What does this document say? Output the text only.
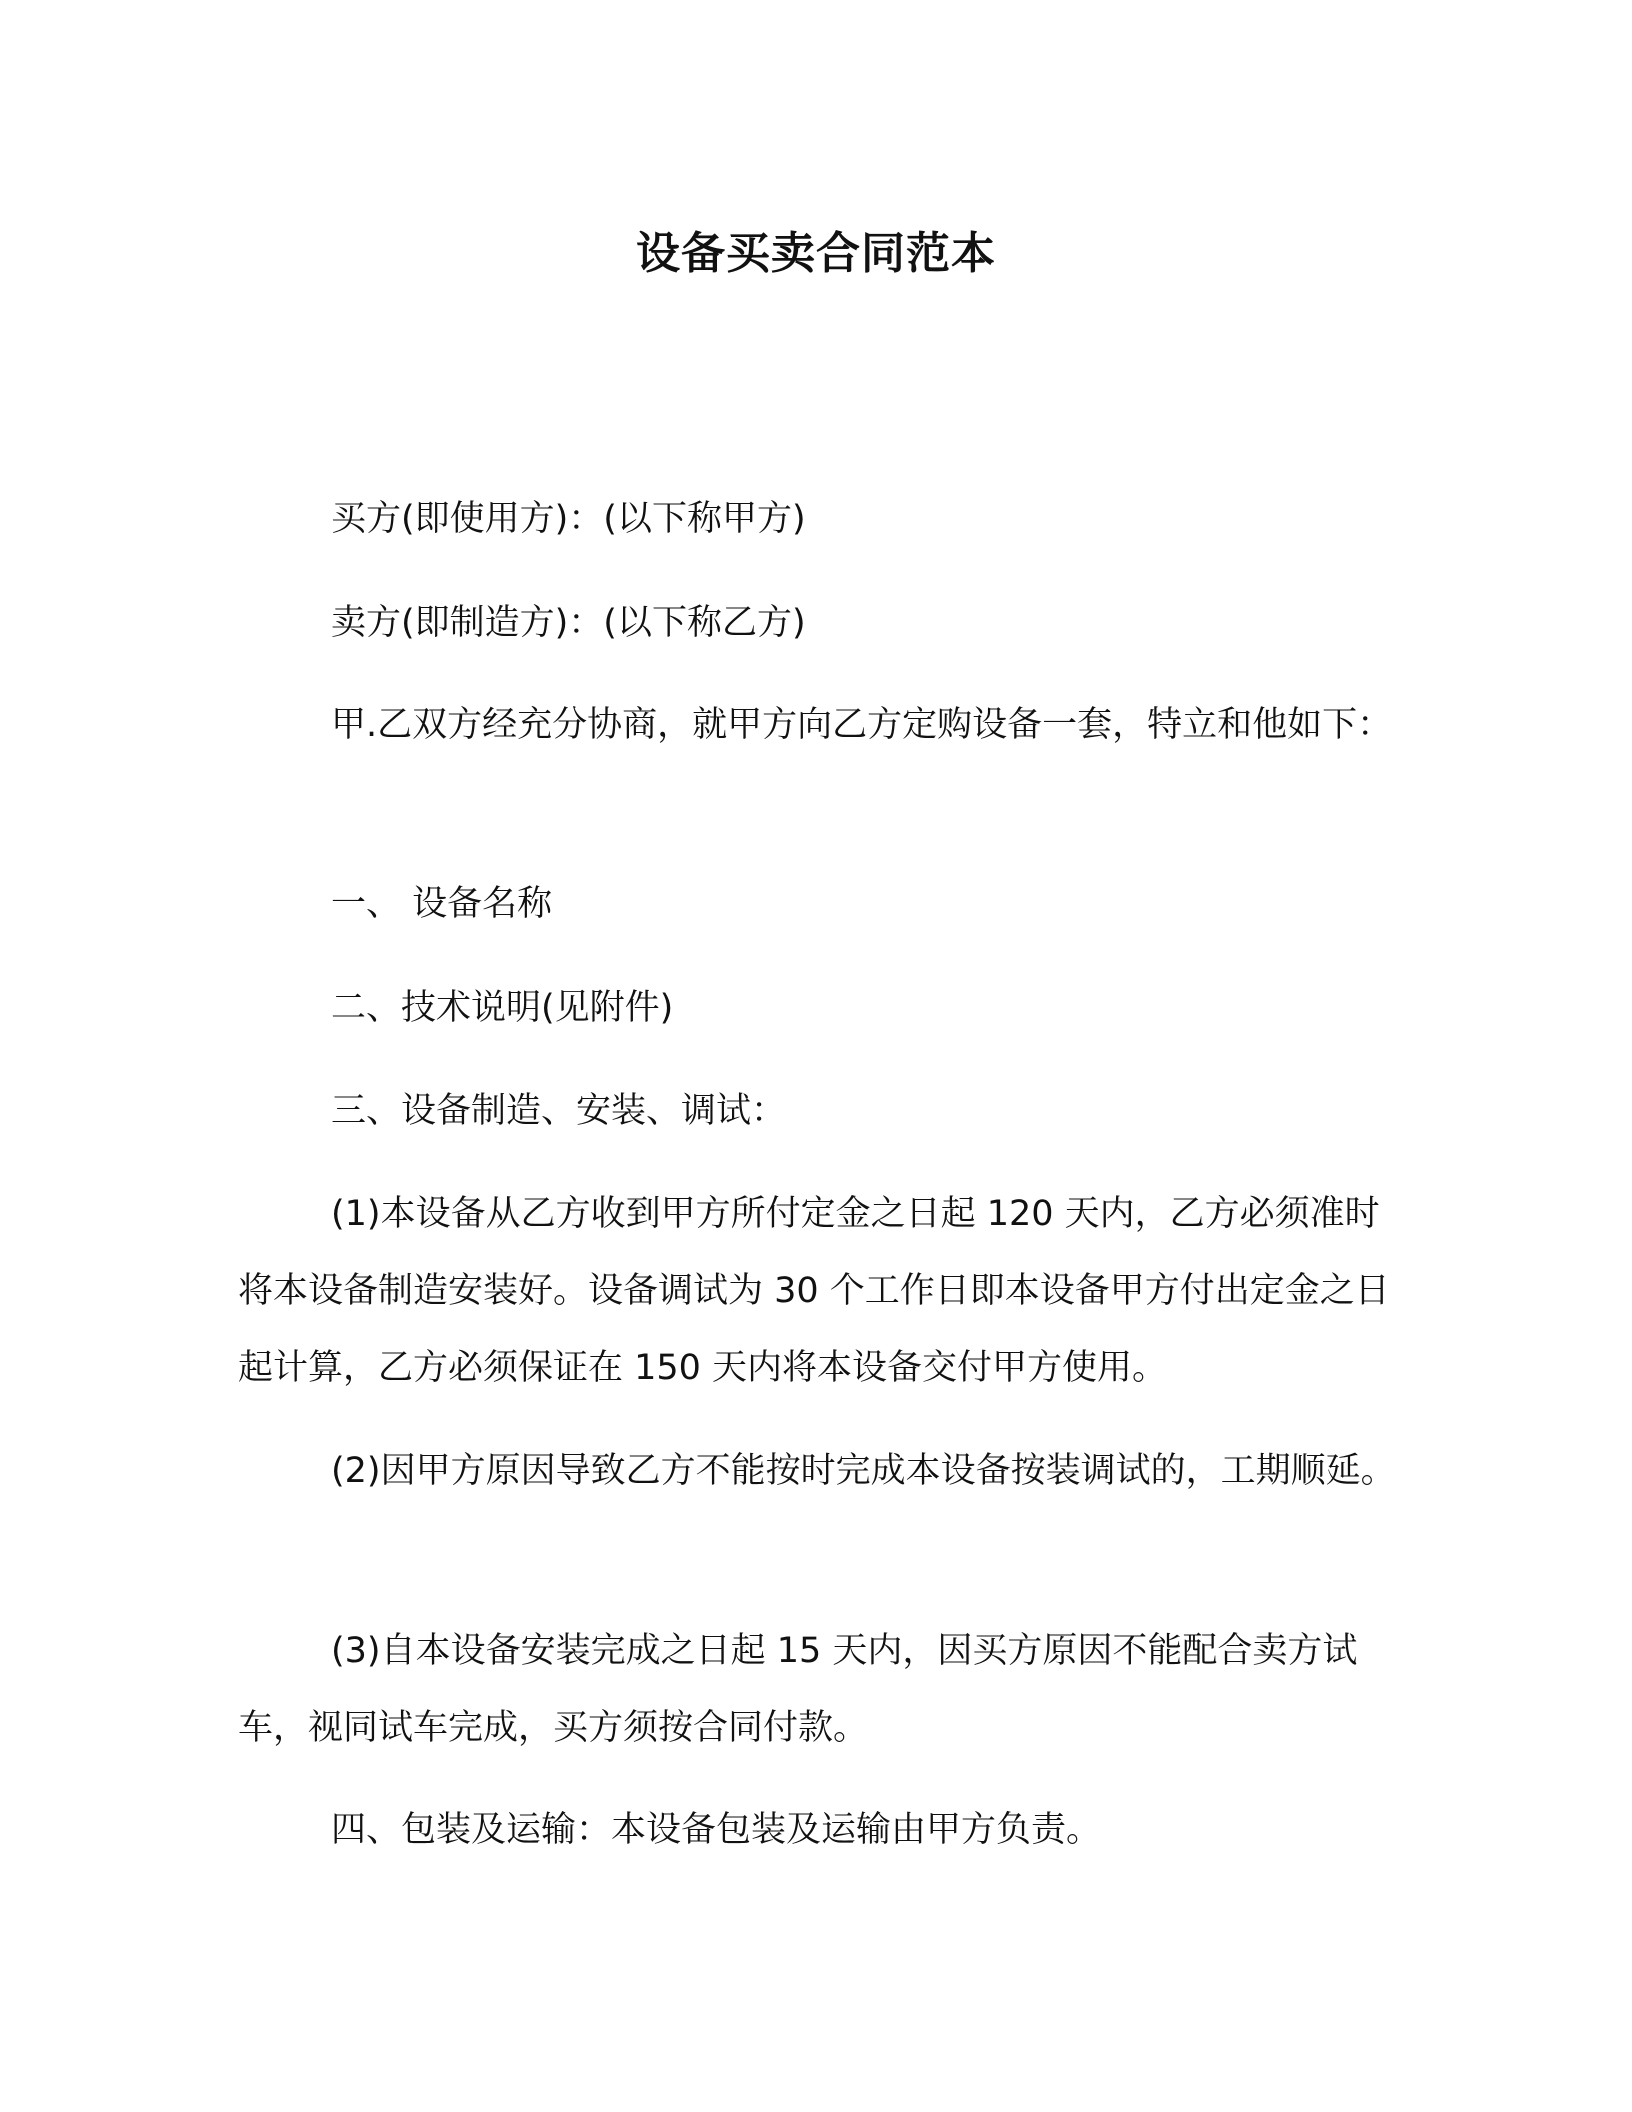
设备买卖合同范本

买方(即使用方)：(以下称甲方)

卖方(即制造方)：(以下称乙方)

甲.乙双方经充分协商，就甲方向乙方定购设备一套，特立和他如下：

一、 设备名称

二、技术说明(见附件)

三、设备制造、安装、调试：

(1)本设备从乙方收到甲方所付定金之日起 120 天内，乙方必须准时将本设备制造安装好。设备调试为 30 个工作日即本设备甲方付出定金之日起计算，乙方必须保证在 150 天内将本设备交付甲方使用。

(2)因甲方原因导致乙方不能按时完成本设备按装调试的，工期顺延。

(3)自本设备安装完成之日起 15 天内，因买方原因不能配合卖方试车，视同试车完成，买方须按合同付款。

四、包装及运输：本设备包装及运输由甲方负责。
